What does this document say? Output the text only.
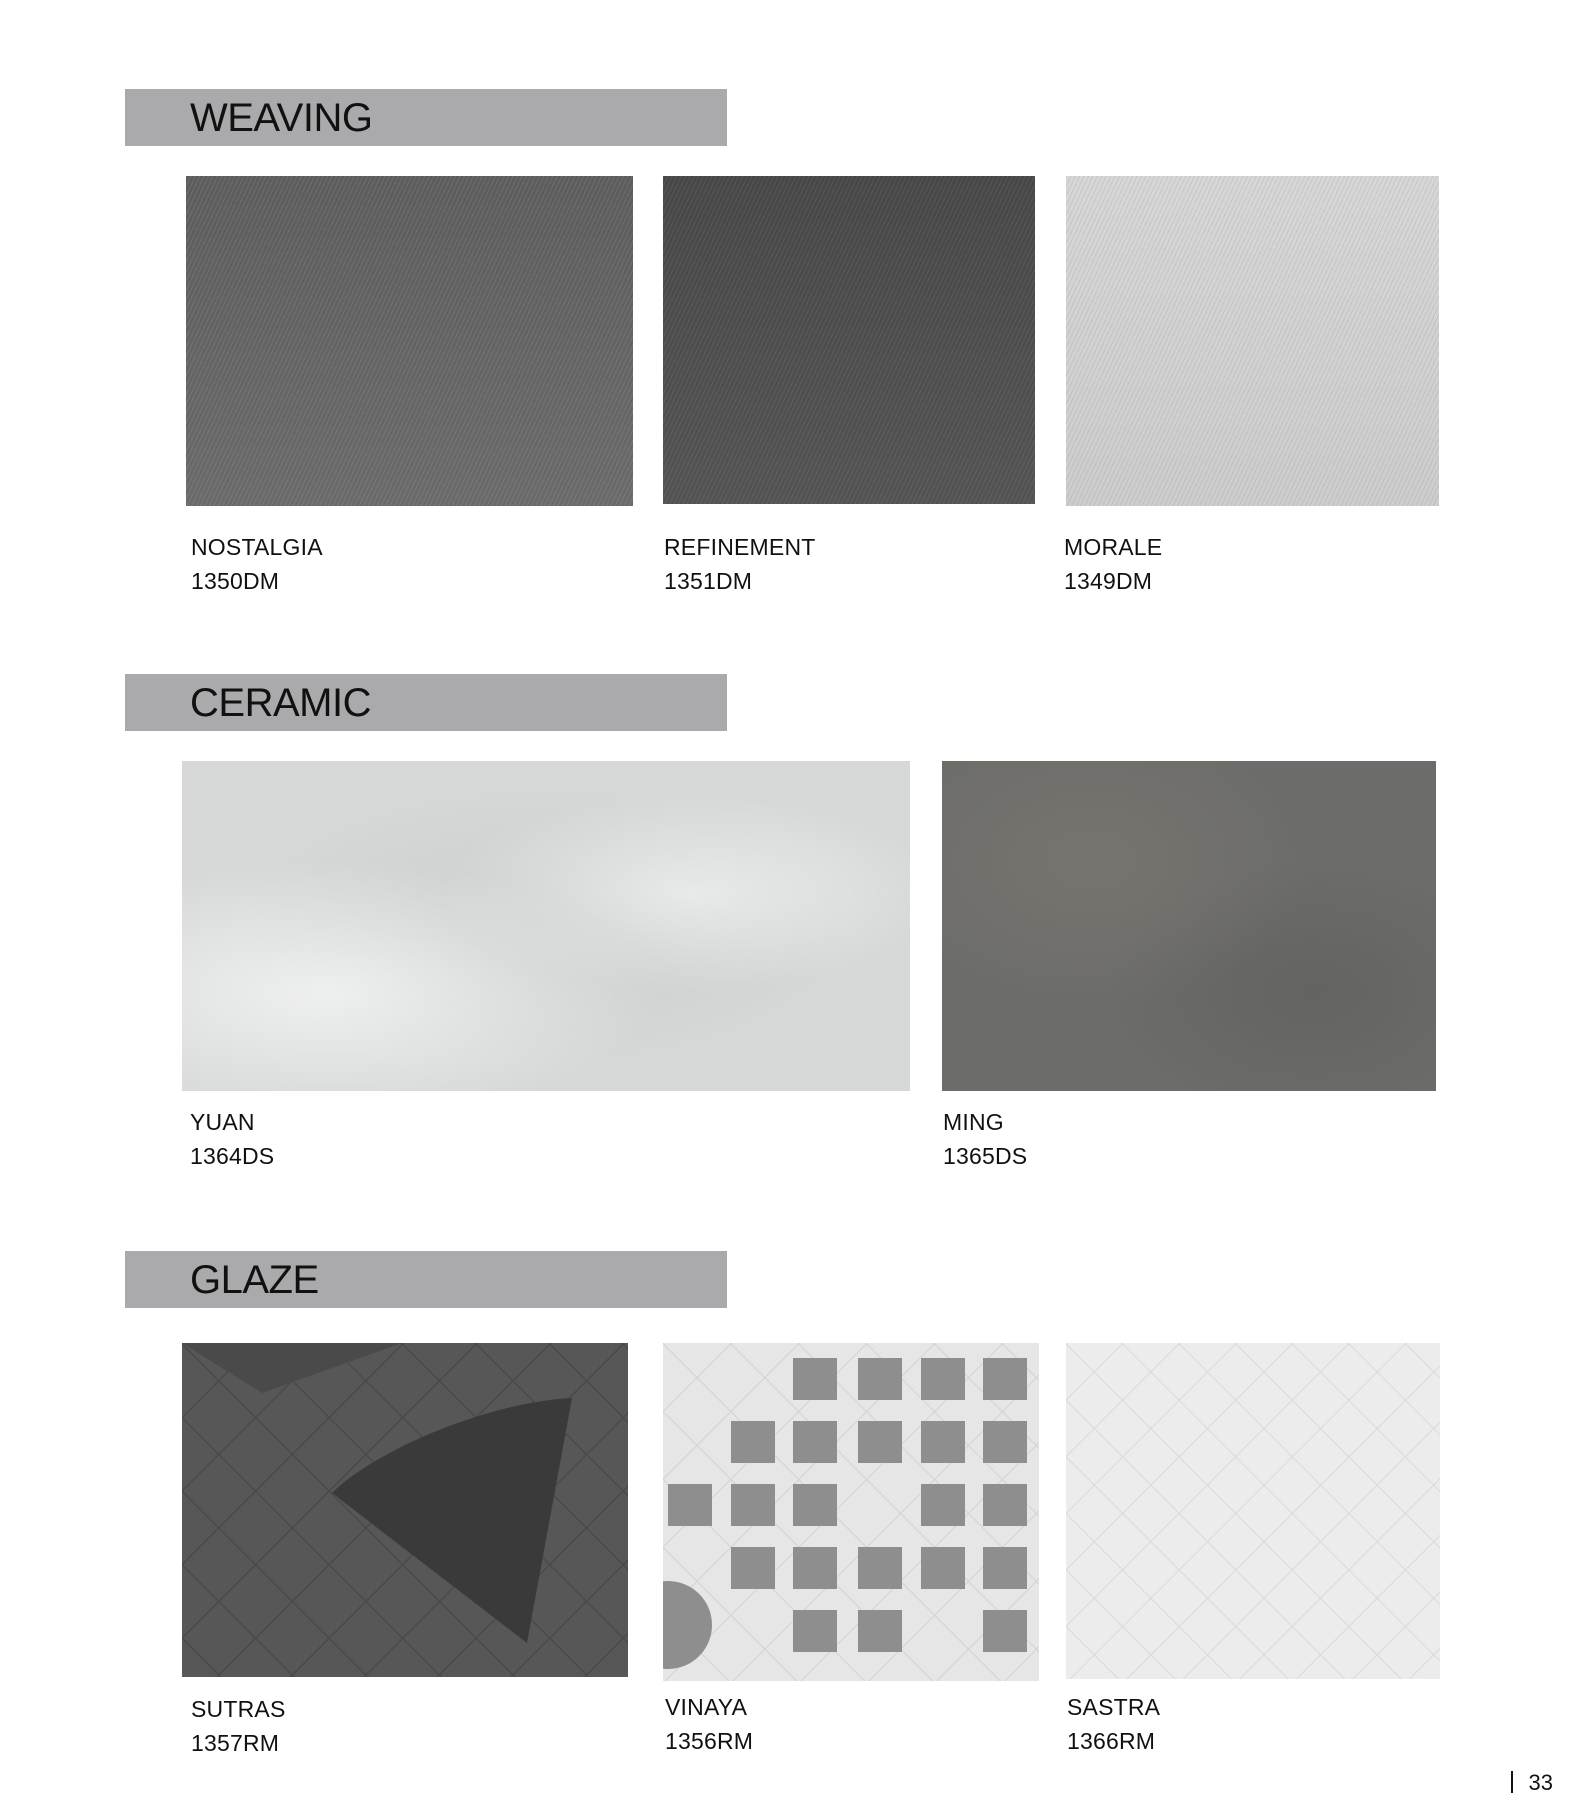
WEAVING
NOSTALGIA
1350DM
REFINEMENT
1351DM
MORALE
1349DM
CERAMIC
YUAN
1364DS
MING
1365DS
GLAZE
SUTRAS
1357RM
VINAYA
1356RM
SASTRA
1366RM
33
